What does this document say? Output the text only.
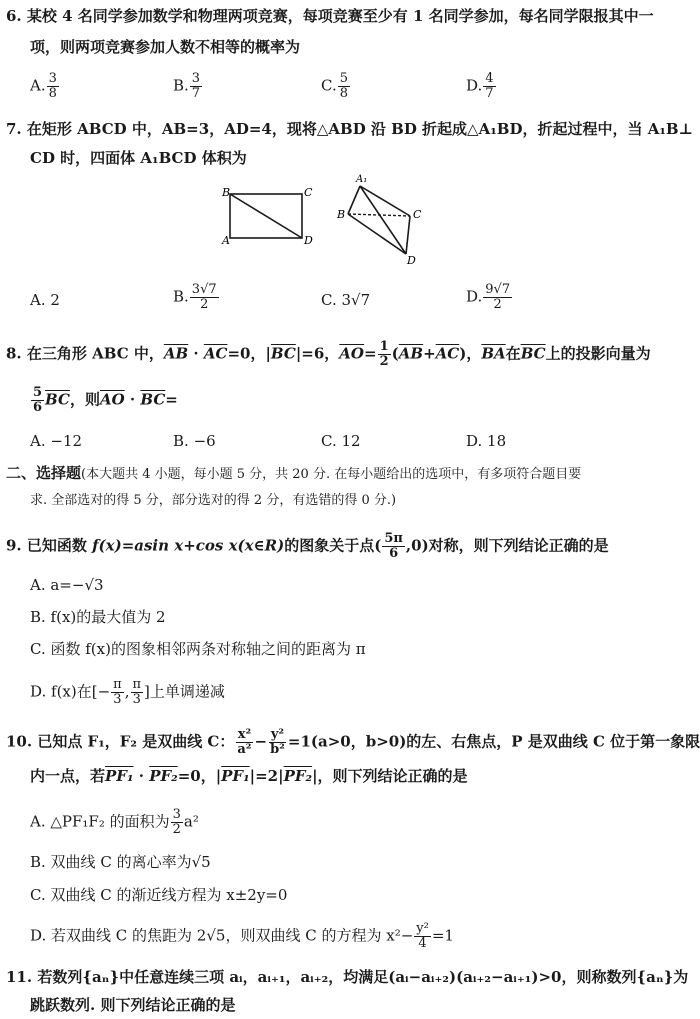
6. 某校 4 名同学参加数学和物理两项竞赛，每项竞赛至少有 1 名同学参加，每名同学限报其中一
项，则两项竞赛参加人数不相等的概率为
A. $\frac{3}{8}$	B. $\frac{3}{7}$	C. $\frac{5}{8}$	D. $\frac{4}{7}$
7. 在矩形 ABCD 中，AB=3，AD=4，现将△ABD 沿 BD 折起成△A₁BD，折起过程中，当 A₁B⊥
CD 时，四面体 A₁BCD 体积为
B	C
A	D
A₁
B	C
D
A. 2	B. $\frac{3√7}{2}$	C. 3√7	D. $\frac{9√7}{2}$
8. 在三角形 ABC 中，$\overline{AB} \cdot \overline{AC}=0$，$|\overline{BC}|=6$，$\overline{AO}= \frac{1}{2} (\overline{AB}+\overline{AC})$，$\overline{BA}$在$\overline{BC}$上的投影向量为
$\frac{5}{6} \overline{BC}$，则$\overline{AO} \cdot \overline{BC}=$
A. −12	B. −6	C. 12	D. 18
二、选择题(本大题共 4 小题，每小题 5 分，共 20 分. 在每小题给出的选项中，有多项符合题目要
求. 全部选对的得 5 分，部分选对的得 2 分，有选错的得 0 分.)
9. 已知函数 f(x)=asin x+cos x(x∈R)的图象关于点( $\frac{5\pi}{6} ,0$)对称，则下列结论正确的是
A. a=−√3
B. f(x)的最大值为 2
C. 函数 f(x)的图象相邻两条对称轴之间的距离为 π
D. f(x)在[− $\frac{\pi}{3}$ , $\frac{\pi}{3}$ ]上单调递减
10. 已知点 F₁，F₂ 是双曲线 C： $\frac{\text{x²}}{\text{a²}} - \frac{\text{y²}}{\text{b²}} =1(a>0$，b>0)的左、右焦点，P 是双曲线 C 位于第一象限
内一点，若PF₁ · PF₂=0，|PF₁|=2|PF₂|，则下列结论正确的是
A. △PF₁F₂ 的面积为 $\frac{3}{2} a^2$
B. 双曲线 C 的离心率为√5
C. 双曲线 C 的渐近线方程为 x±2y=0
D. 若双曲线 C 的焦距为 2√5，则双曲线 C 的方程为 $x^2- \frac{\text{y²}}{4} =1$
11. 若数列{aₙ}中任意连续三项 aᵢ，aᵢ₊₁，aᵢ₊₂，均满足(aᵢ−aᵢ₊₂)(aᵢ₊₂−aᵢ₊₁)>0，则称数列{aₙ}为
跳跃数列. 则下列结论正确的是
